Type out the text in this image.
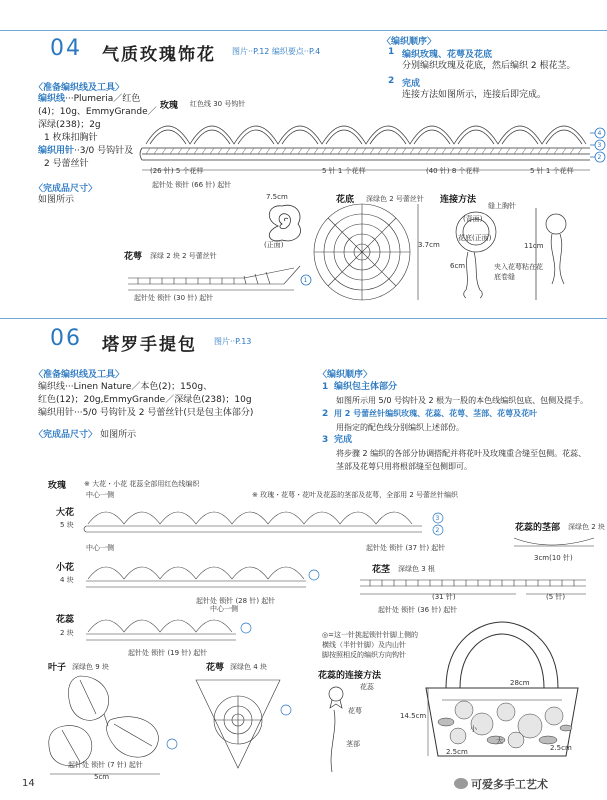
04 气质玫瑰饰花 图片··P.12 编织要点··P.4
〈准备编织线及工具〉
编织线···Plumeria／红色
(4)；10g、EmmyGrande／
深绿(238)；2g
1 枚珠扣胸针
编织用针··3/0 号钩针及
2 号蕾丝针
〈完成品尺寸〉
如图所示
〈编织顺序〉
1 编织玫瑰、花萼及花底
分别编织玫瑰及花底，然后编织 2 根花茎。
2 完成
连接方法如图所示，连接后即完成。
玫瑰 红色线 30 号钩针
4
3
2
(26 针) 5 个花样	5 针 1 个花样	(40 针) 8 个花样	5 针 1 个花样
起针处 锁针 (66 针) 起针
7.5cm
(正面)
花底 深绿色 2 号蕾丝针
3.7cm
连接方法
缝上胸针
(背面)
花底(正面)
6cm
11cm
夹入花萼粘在花底卷缝
花萼 深绿 2 块 2 号蕾丝针
1
起针处 锁针 (30 针) 起针
06 塔罗手提包 图片··P.13
〈准备编织线及工具〉
编织线···Linen Nature／本色(2)；150g、
红色(12)；20g,EmmyGrande／深绿色(238)；10g
编织用针···5/0 号钩针及 2 号蕾丝针(只是包主体部分)
〈完成品尺寸〉 如图所示
〈编织顺序〉
1 编织包主体部分
如图所示用 5/0 号钩针及 2 根为一股的本色线编织包底、包侧及提手。
2 用 2 号蕾丝针编织玫瑰、花蕊、花萼、茎部、花萼及花叶
用指定的配色线分别编织上述部份。
3 完成
将步骤 2 编织的各部分协调搭配并将花叶及玫瑰重合缝至包侧。花蕊、
茎部及花萼只用将根部缝至包侧即可。
玫瑰	※ 大花・小花 花蕊全部用红色线编织
※ 玫瑰・花萼・花叶及花蕊的茎部及花萼，全部用 2 号蕾丝针编织
中心一侧
大花
5 块
3
2
起针处 锁针 (37 针) 起针
中心一侧
小花
4 块
起针处 锁针 (28 针) 起针
中心一侧
花蕊
2 块
起针处 锁针 (19 针) 起针
花蕊的茎部 深绿色 2 块
3cm(10 针)
花茎 深绿色 3 根
(31 针)	(5 针)
起针处 锁针 (36 针) 起针
叶子 深绿色 9 块
起针处 锁针 (7 针) 起针
5cm
花萼 深绿色 4 块
◎=这一针挑起锁针针脚上侧的
横线（半针针脚）及内山针
脚按照相反的编织方向钩针
花蕊的连接方法
花蕊
花萼
茎部
28cm
14.5cm
2.5cm	2.5cm
大
小
14	可爱多手工艺术
